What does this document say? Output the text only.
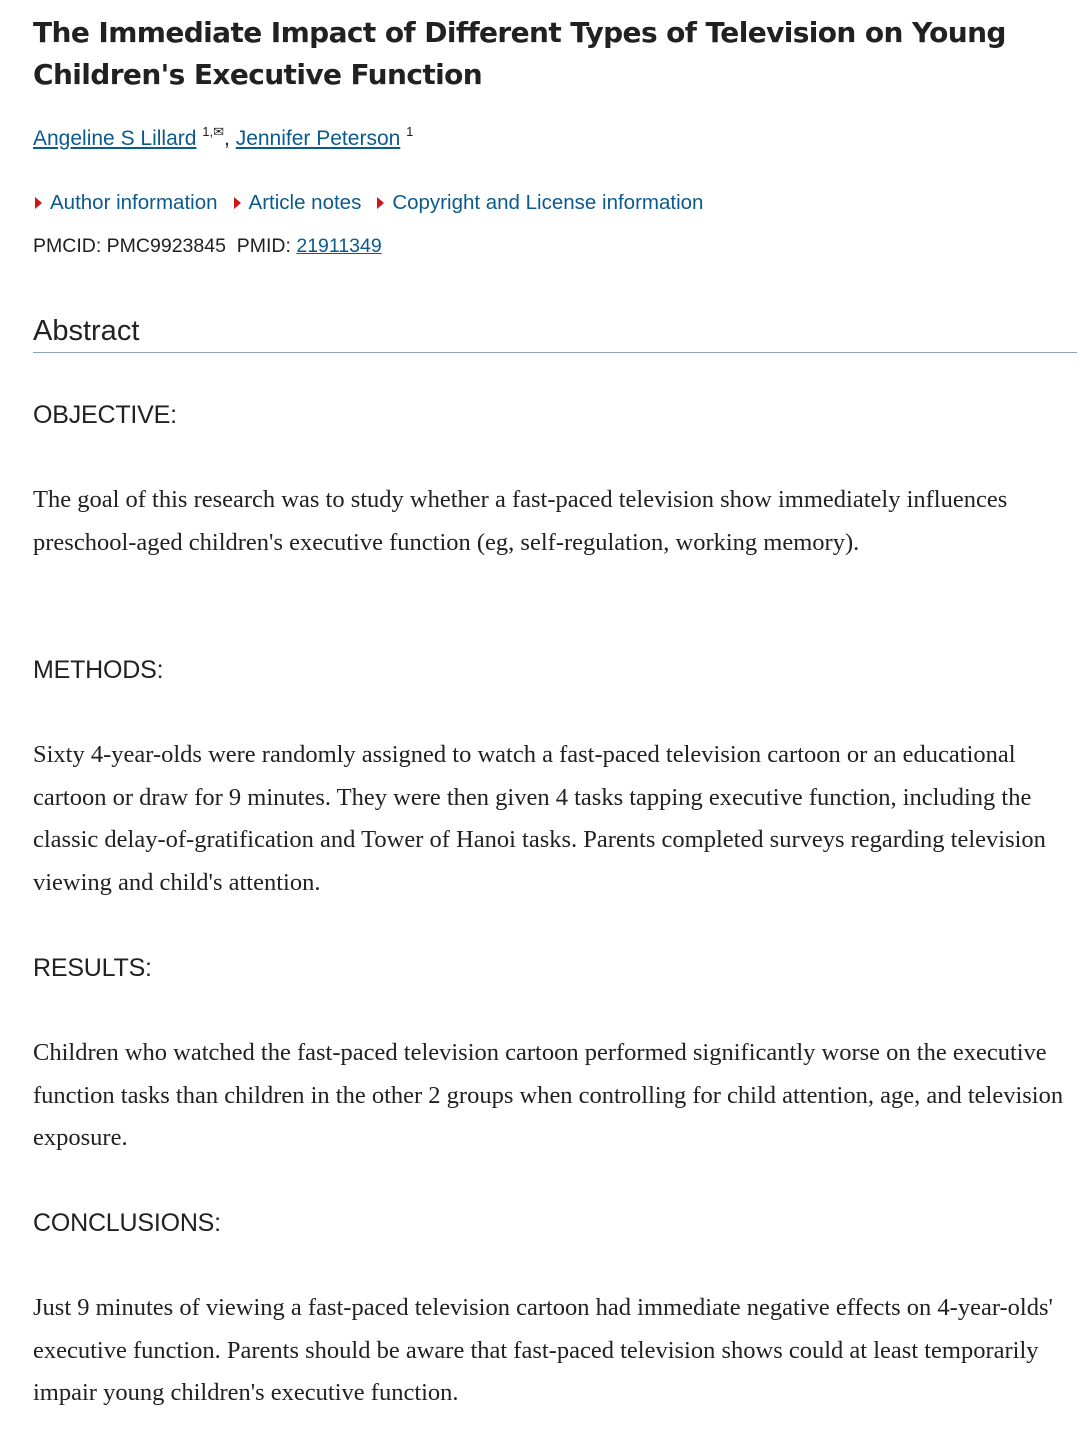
The Immediate Impact of Different Types of Television on Young Children's Executive Function
Angeline S Lillard $^{1,✉}$, Jennifer Peterson $^1$
Author information Article notes Copyright and License information
PMCID: PMC9923845 PMID: 21911349
Abstract
OBJECTIVE:

The goal of this research was to study whether a fast-paced television show immediately influences preschool-aged children's executive function (eg, self-regulation, working memory).

METHODS:

Sixty 4-year-olds were randomly assigned to watch a fast-paced television cartoon or an educational cartoon or draw for 9 minutes. They were then given 4 tasks tapping executive function, including the classic delay-of-gratification and Tower of Hanoi tasks. Parents completed surveys regarding television viewing and child's attention.

RESULTS:

Children who watched the fast-paced television cartoon performed significantly worse on the executive function tasks than children in the other 2 groups when controlling for child attention, age, and television exposure.

CONCLUSIONS:

Just 9 minutes of viewing a fast-paced television cartoon had immediate negative effects on 4-year-olds' executive function. Parents should be aware that fast-paced television shows could at least temporarily impair young children's executive function.
